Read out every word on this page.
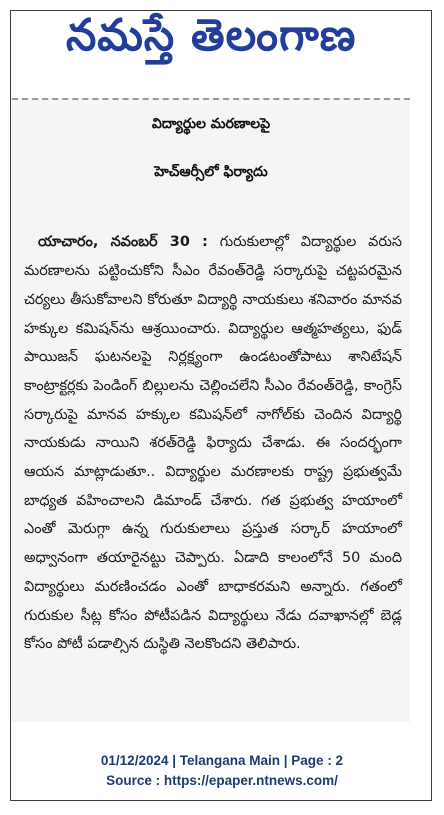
నమస్తే తెలంగాణ
విద్యార్థుల మరణాలపై
హెచ్‌ఆర్సీలో ఫిర్యాదు

యాచారం, నవంబర్ 30 : గురుకులాల్లో విద్యార్థుల వరుస మరణాలను పట్టించుకోని సీఎం రేవంత్‌రెడ్డి సర్కారుపై చట్టపరమైన చర్యలు తీసుకోవాలని కోరుతూ విద్యార్థి నాయకులు శనివారం మానవ హక్కుల కమిషన్‌ను ఆశ్రయించారు. విద్యార్థుల ఆత్మహత్యలు, ఫుడ్ పాయిజన్ ఘటనలపై నిర్లక్ష్యంగా ఉండటంతోపాటు శానిటేషన్ కాంట్రాక్టర్లకు పెండింగ్ బిల్లులను చెల్లించలేని సీఎం రేవంత్‌రెడ్డి, కాంగ్రెస్ సర్కారుపై మానవ హక్కుల కమిషన్‌లో నాగోల్‌కు చెందిన విద్యార్థి నాయకుడు నాయిని శరత్‌రెడ్డి ఫిర్యాదు చేశాడు. ఈ సందర్భంగా ఆయన మాట్లాడుతూ.. విద్యార్థుల మరణాలకు రాష్ట్ర ప్రభుత్వమే బాధ్యత వహించాలని డిమాండ్ చేశారు. గత ప్రభుత్వ హయాంలో ఎంతో మెరుగ్గా ఉన్న గురుకులాలు ప్రస్తుత సర్కార్ హయాంలో అధ్వానంగా తయారైనట్టు చెప్పారు. ఏడాది కాలంలోనే 50 మంది విద్యార్థులు మరణించడం ఎంతో బాధాకరమని అన్నారు. గతంలో గురుకుల సీట్ల కోసం పోటీపడిన విద్యార్థులు నేడు దవాఖానల్లో బెడ్ల కోసం పోటీ పడాల్సిన దుస్థితి నెలకొందని తెలిపారు.

01/12/2024 | Telangana Main | Page : 2
Source : https://epaper.ntnews.com/
